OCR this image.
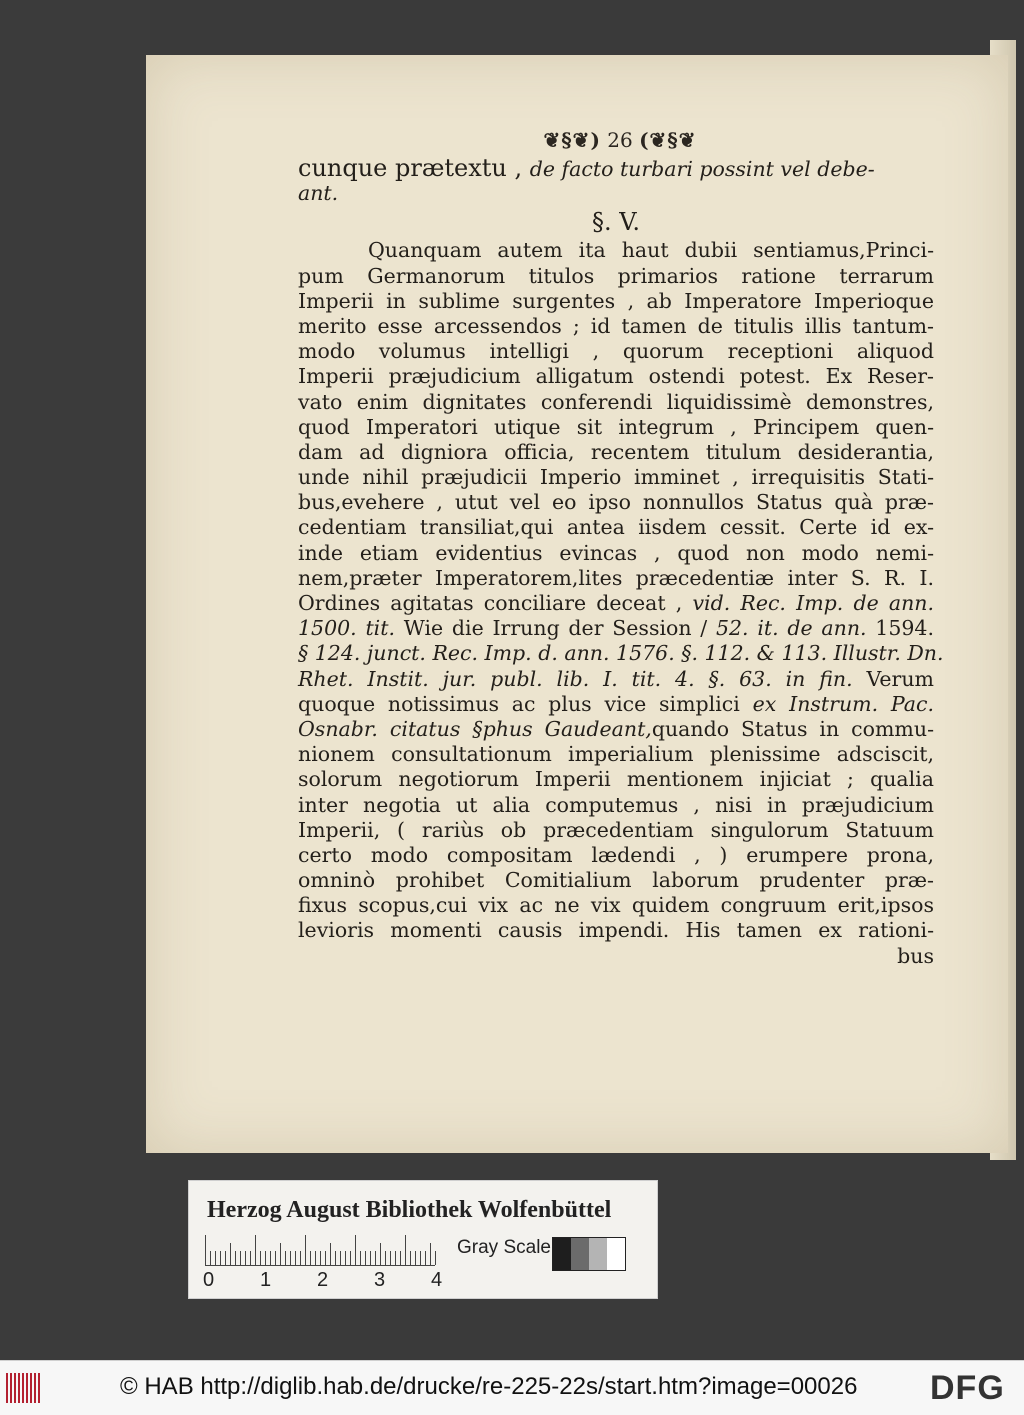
❦§❦) 26 (❦§❦
cunque prætextu , de facto turbari possint vel debe-
ant.
§. V.
Quanquam autem ita haut dubii sentiamus,Princi-
pum Germanorum titulos primarios ratione terrarum
Imperii in sublime surgentes , ab Imperatore Imperioque
merito esse arcessendos ; id tamen de titulis illis tantum-
modo volumus intelligi , quorum receptioni aliquod
Imperii præjudicium alligatum ostendi potest. Ex Reser-
vato enim dignitates conferendi liquidissimè demonstres,
quod Imperatori utique sit integrum , Principem quen-
dam ad digniora officia, recentem titulum desiderantia,
unde nihil præjudicii Imperio imminet , irrequisitis Stati-
bus,evehere , utut vel eo ipso nonnullos Status quà præ-
cedentiam transiliat,qui antea iisdem cessit. Certe id ex-
inde etiam evidentius evincas , quod non modo nemi-
nem,præter Imperatorem,lites præcedentiæ inter S. R. I.
Ordines agitatas conciliare deceat , vid. Rec. Imp. de ann.
1500. tit. Wie die Irrung der Session / 52. it. de ann. 1594.
§ 124. junct. Rec. Imp. d. ann. 1576. §. 112. & 113. Illustr. Dn.
Rhet. Instit. jur. publ. lib. I. tit. 4. §. 63. in fin. Verum
quoque notissimus ac plus vice simplici ex Instrum. Pac.
Osnabr. citatus §phus Gaudeant,quando Status in commu-
nionem consultationum imperialium plenissime adsciscit,
solorum negotiorum Imperii mentionem injiciat ; qualia
inter negotia ut alia computemus , nisi in præjudicium
Imperii, ( rariùs ob præcedentiam singulorum Statuum
certo modo compositam lædendi , ) erumpere prona,
omninò prohibet Comitialium laborum prudenter præ-
fixus scopus,cui vix ac ne vix quidem congruum erit,ipsos
levioris momenti causis impendi. His tamen ex rationi-
bus
Herzog August Bibliothek Wolfenbüttel
0 1 2 3 4
Gray Scale
© HAB http://diglib.hab.de/drucke/re-225-22s/start.htm?image=00026 DFG
